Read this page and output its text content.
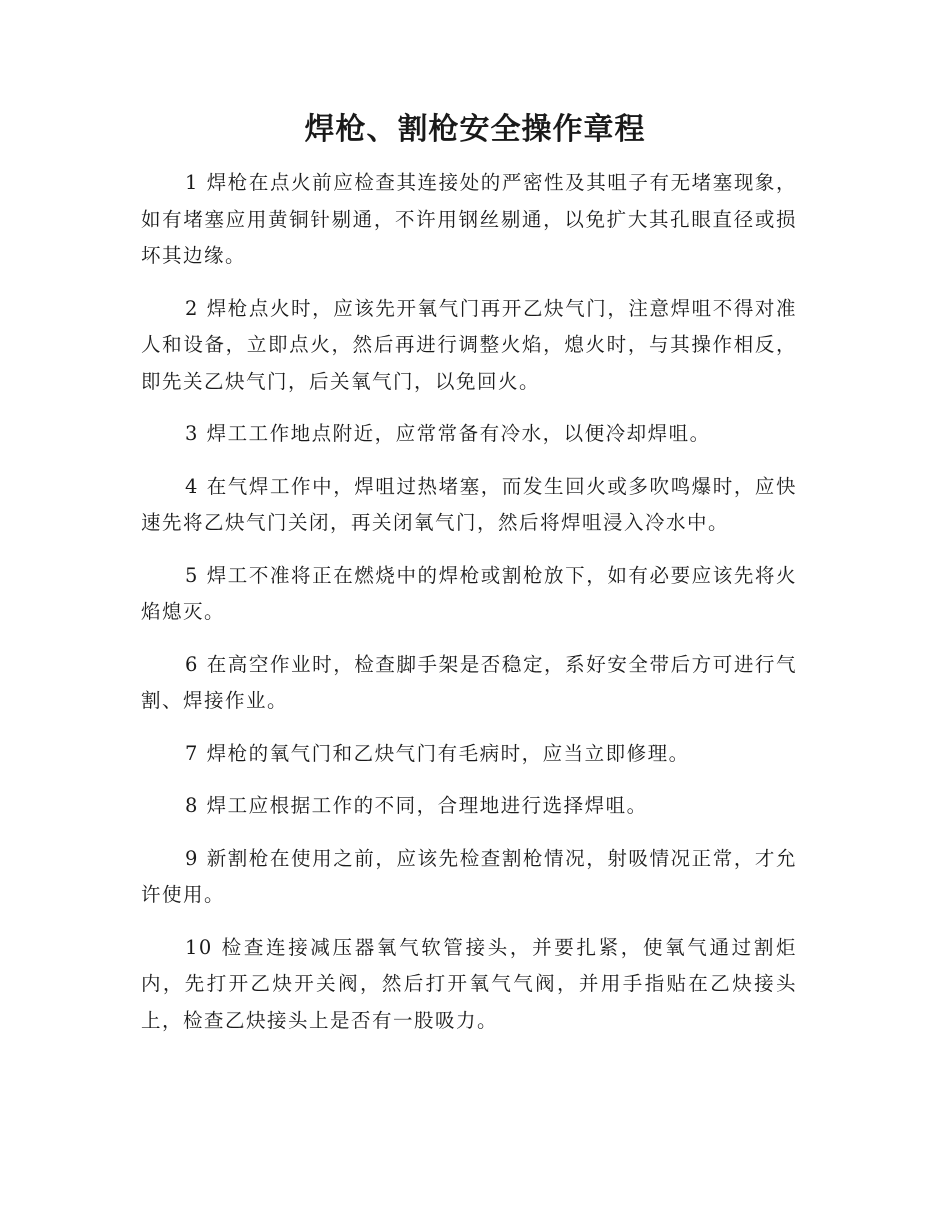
焊枪、割枪安全操作章程

1 焊枪在点火前应检查其连接处的严密性及其咀子有无堵塞现象，如有堵塞应用黄铜针剔通，不许用钢丝剔通，以免扩大其孔眼直径或损坏其边缘。

2 焊枪点火时，应该先开氧气门再开乙炔气门，注意焊咀不得对准人和设备，立即点火，然后再进行调整火焰，熄火时，与其操作相反，即先关乙炔气门，后关氧气门，以免回火。

3 焊工工作地点附近，应常常备有冷水，以便冷却焊咀。

4 在气焊工作中，焊咀过热堵塞，而发生回火或多吹鸣爆时，应快速先将乙炔气门关闭，再关闭氧气门，然后将焊咀浸入冷水中。

5 焊工不准将正在燃烧中的焊枪或割枪放下，如有必要应该先将火焰熄灭。

6 在高空作业时，检查脚手架是否稳定，系好安全带后方可进行气割、焊接作业。

7 焊枪的氧气门和乙炔气门有毛病时，应当立即修理。

8 焊工应根据工作的不同，合理地进行选择焊咀。

9 新割枪在使用之前，应该先检查割枪情况，射吸情况正常，才允许使用。

10 检查连接减压器氧气软管接头，并要扎紧，使氧气通过割炬内，先打开乙炔开关阀，然后打开氧气气阀，并用手指贴在乙炔接头上，检查乙炔接头上是否有一股吸力。
